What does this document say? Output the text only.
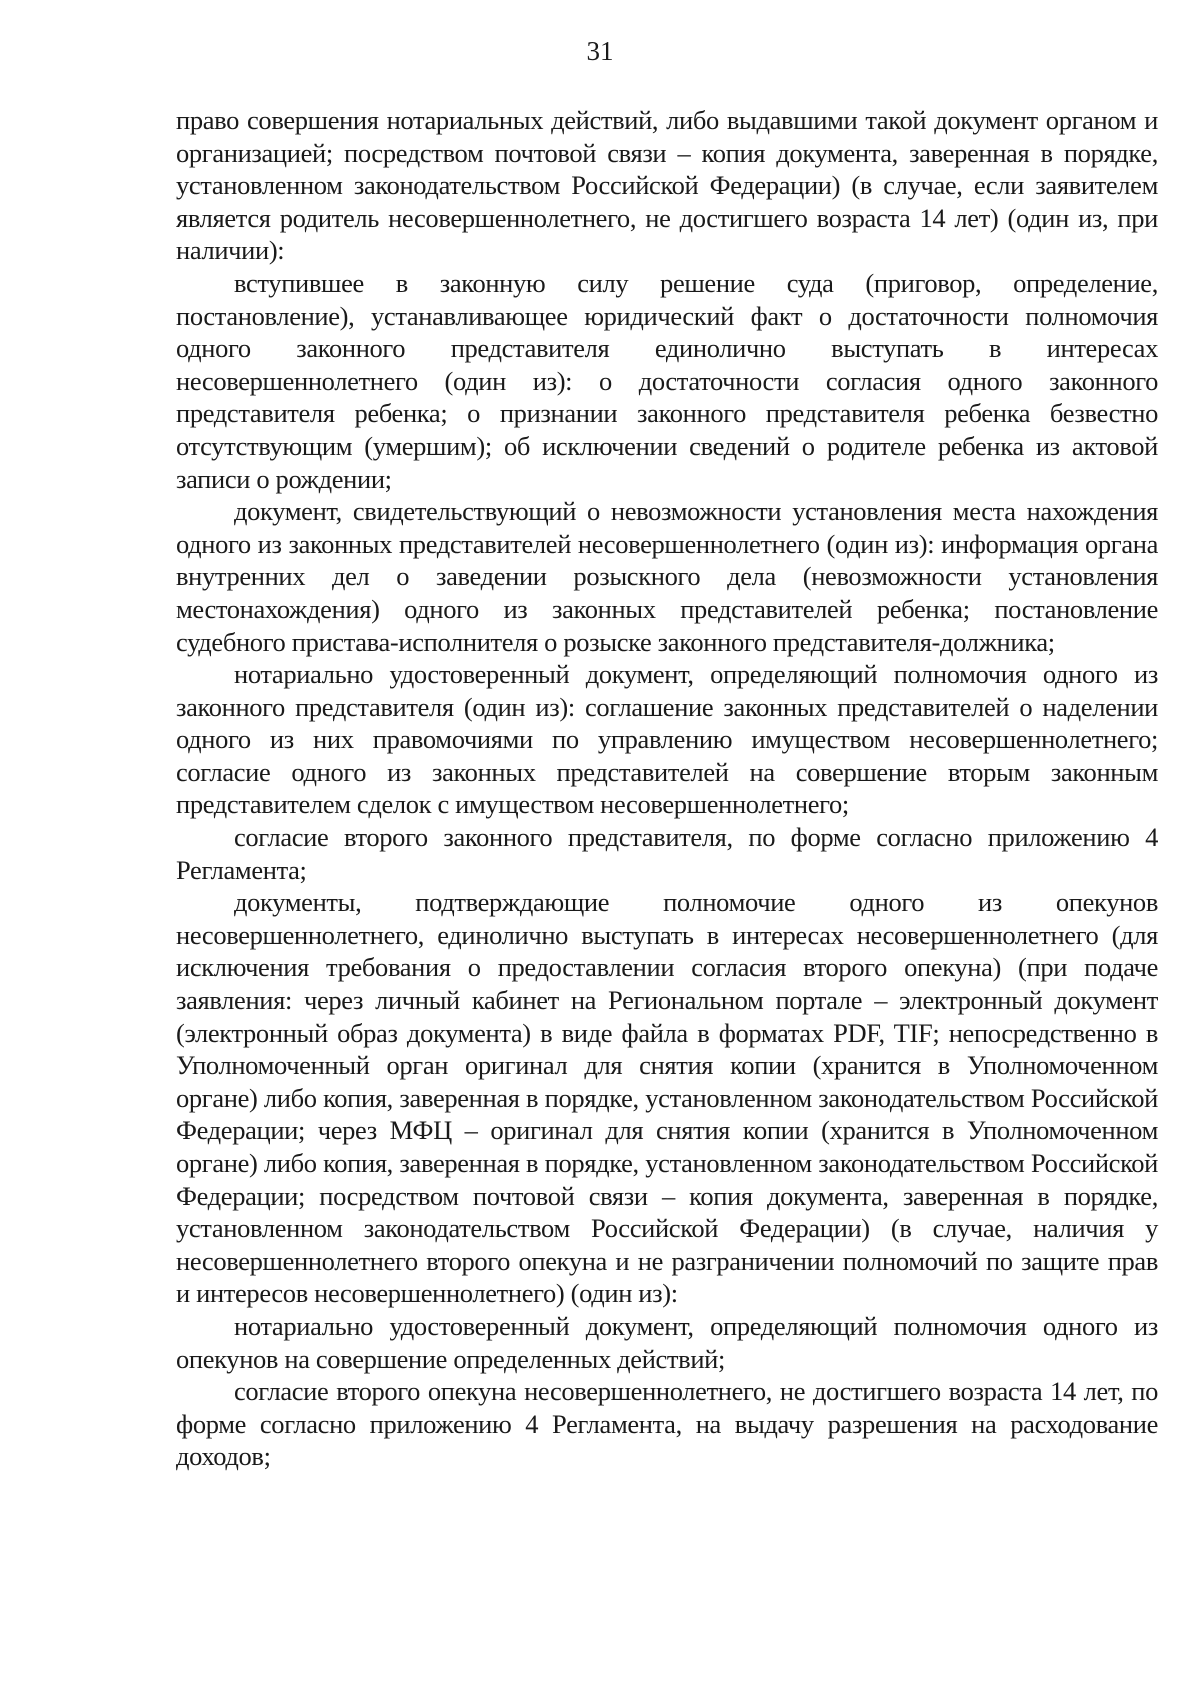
31

право совершения нотариальных действий, либо выдавшими такой документ органом и организацией; посредством почтовой связи – копия документа, заверенная в порядке, установленном законодательством Российской Федерации) (в случае, если заявителем является родитель несовершеннолетнего, не достигшего возраста 14 лет) (один из, при наличии):

вступившее в законную силу решение суда (приговор, определение, постановление), устанавливающее юридический факт о достаточности полномочия одного законного представителя единолично выступать в интересах несовершеннолетнего (один из): о достаточности согласия одного законного представителя ребенка; о признании законного представителя ребенка безвестно отсутствующим (умершим); об исключении сведений о родителе ребенка из актовой записи о рождении;

документ, свидетельствующий о невозможности установления места нахождения одного из законных представителей несовершеннолетнего (один из): информация органа внутренних дел о заведении розыскного дела (невозможности установления местонахождения) одного из законных представителей ребенка; постановление судебного пристава-исполнителя о розыске законного представителя-должника;

нотариально удостоверенный документ, определяющий полномочия одного из законного представителя (один из): соглашение законных представителей о наделении одного из них правомочиями по управлению имуществом несовершеннолетнего; согласие одного из законных представителей на совершение вторым законным представителем сделок с имуществом несовершеннолетнего;

согласие второго законного представителя, по форме согласно приложению 4 Регламента;

документы, подтверждающие полномочие одного из опекунов несовершеннолетнего, единолично выступать в интересах несовершеннолетнего (для исключения требования о предоставлении согласия второго опекуна) (при подаче заявления: через личный кабинет на Региональном портале – электронный документ (электронный образ документа) в виде файла в форматах PDF, TIF; непосредственно в Уполномоченный орган оригинал для снятия копии (хранится в Уполномоченном органе) либо копия, заверенная в порядке, установленном законодательством Российской Федерации; через МФЦ – оригинал для снятия копии (хранится в Уполномоченном органе) либо копия, заверенная в порядке, установленном законодательством Российской Федерации; посредством почтовой связи – копия документа, заверенная в порядке, установленном законодательством Российской Федерации) (в случае, наличия у несовершеннолетнего второго опекуна и не разграничении полномочий по защите прав и интересов несовершеннолетнего) (один из):

нотариально удостоверенный документ, определяющий полномочия одного из опекунов на совершение определенных действий;

согласие второго опекуна несовершеннолетнего, не достигшего возраста 14 лет, по форме согласно приложению 4 Регламента, на выдачу разрешения на расходование доходов;
